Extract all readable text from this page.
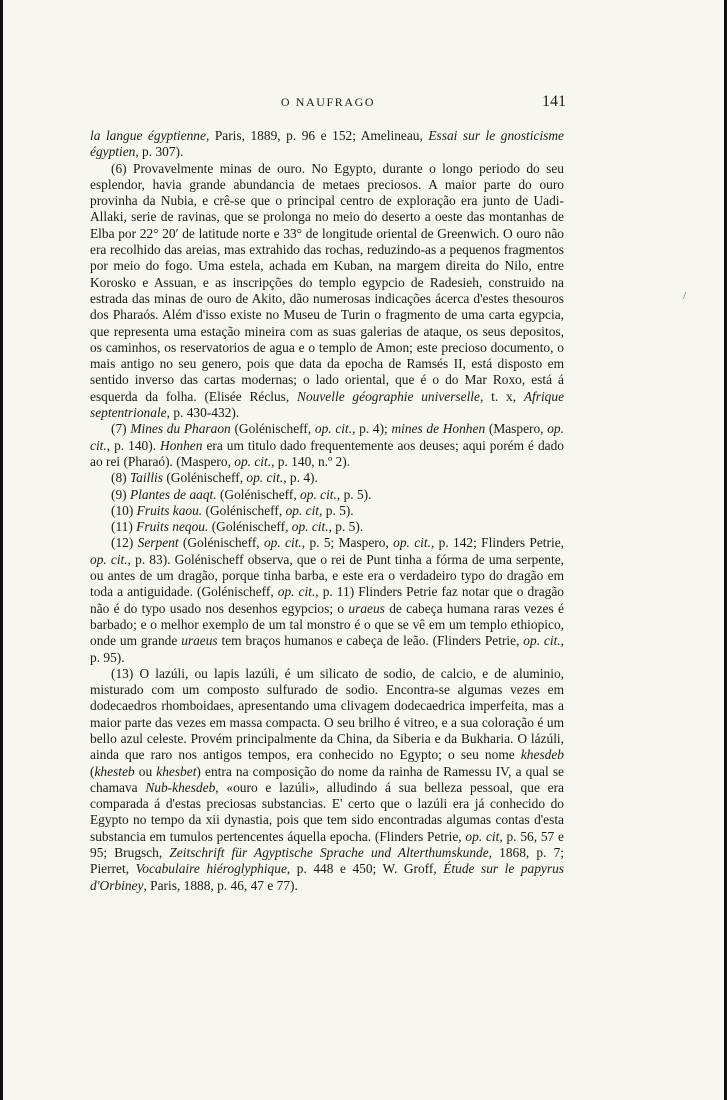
O NAUFRAGO	141
/

la langue égyptienne, Paris, 1889, p. 96 e 152; Amelineau, Essai sur le gnosticisme égyptien, p. 307).

(6) Provavelmente minas de ouro. No Egypto, durante o longo periodo do seu esplendor, havia grande abundancia de metaes preciosos. A maior parte do ouro provinha da Nubia, e crê-se que o principal centro de exploração era junto de Uadi-Allaki, serie de ravinas, que se prolonga no meio do deserto a oeste das montanhas de Elba por 22° 20′ de latitude norte e 33° de longitude oriental de Greenwich. O ouro não era recolhido das areias, mas extrahido das rochas, reduzindo-as a pequenos fragmentos por meio do fogo. Uma estela, achada em Kuban, na margem direita do Nilo, entre Korosko e Assuan, e as inscripções do templo egypcio de Radesieh, construido na estrada das minas de ouro de Akito, dão numerosas indicações ácerca d'estes thesouros dos Pharaós. Além d'isso existe no Museu de Turin o fragmento de uma carta egypcia, que representa uma estação mineira com as suas galerias de ataque, os seus depositos, os caminhos, os reservatorios de agua e o templo de Amon; este precioso documento, o mais antigo no seu genero, pois que data da epocha de Ramsés II, está disposto em sentido inverso das cartas modernas; o lado oriental, que é o do Mar Roxo, está á esquerda da folha. (Elisée Réclus, Nouvelle géographie universelle, t. x, Afrique septentrionale, p. 430-432).

(7) Mines du Pharaon (Golénischeff, op. cit., p. 4); mines de Honhen (Maspero, op. cit., p. 140). Honhen era um titulo dado frequentemente aos deuses; aqui porém é dado ao rei (Pharaó). (Maspero, op. cit., p. 140, n.º 2).

(8) Taillis (Golénischeff, op. cit., p. 4).

(9) Plantes de aaqt. (Golénischeff, op. cit., p. 5).

(10) Fruits kaou. (Golénischeff, op. cit, p. 5).

(11) Fruits neqou. (Golénischeff, op. cit., p. 5).

(12) Serpent (Golénischeff, op. cit., p. 5; Maspero, op. cit., p. 142; Flinders Petrie, op. cit., p. 83). Golénischeff observa, que o rei de Punt tinha a fórma de uma serpente, ou antes de um dragão, porque tinha barba, e este era o verdadeiro typo do dragão em toda a antiguidade. (Golénischeff, op. cit., p. 11) Flinders Petrie faz notar que o dragão não é do typo usado nos desenhos egypcios; o uraeus de cabeça humana raras vezes é barbado; e o melhor exemplo de um tal monstro é o que se vê em um templo ethiopico, onde um grande uraeus tem braços humanos e cabeça de leão. (Flinders Petrie, op. cit., p. 95).

(13) O lazúli, ou lapis lazúli, é um silicato de sodio, de calcio, e de aluminio, misturado com um composto sulfurado de sodio. Encontra-se algumas vezes em dodecaedros rhomboidaes, apresentando uma clivagem dodecaedrica imperfeita, mas a maior parte das vezes em massa compacta. O seu brilho é vitreo, e a sua coloração é um bello azul celeste. Provém principalmente da China, da Siberia e da Bukharia. O lázúli, ainda que raro nos antigos tempos, era conhecido no Egypto; o seu nome khesdeb (khesteb ou khesbet) entra na composição do nome da rainha de Ramessu IV, a qual se chamava Nub-khesdeb, «ouro e lazúli», alludindo á sua belleza pessoal, que era comparada á d'estas preciosas substancias. E' certo que o lazúli era já conhecido do Egypto no tempo da xii dynastia, pois que tem sido encontradas algumas contas d'esta substancia em tumulos pertencentes áquella epocha. (Flinders Petrie, op. cit, p. 56, 57 e 95; Brugsch, Zeitschrift für Agyptische Sprache und Alterthumskunde, 1868, p. 7; Pierret, Vocabulaire hiéroglyphique, p. 448 e 450; W. Groff, Étude sur le papyrus d'Orbiney, Paris, 1888, p. 46, 47 e 77).
